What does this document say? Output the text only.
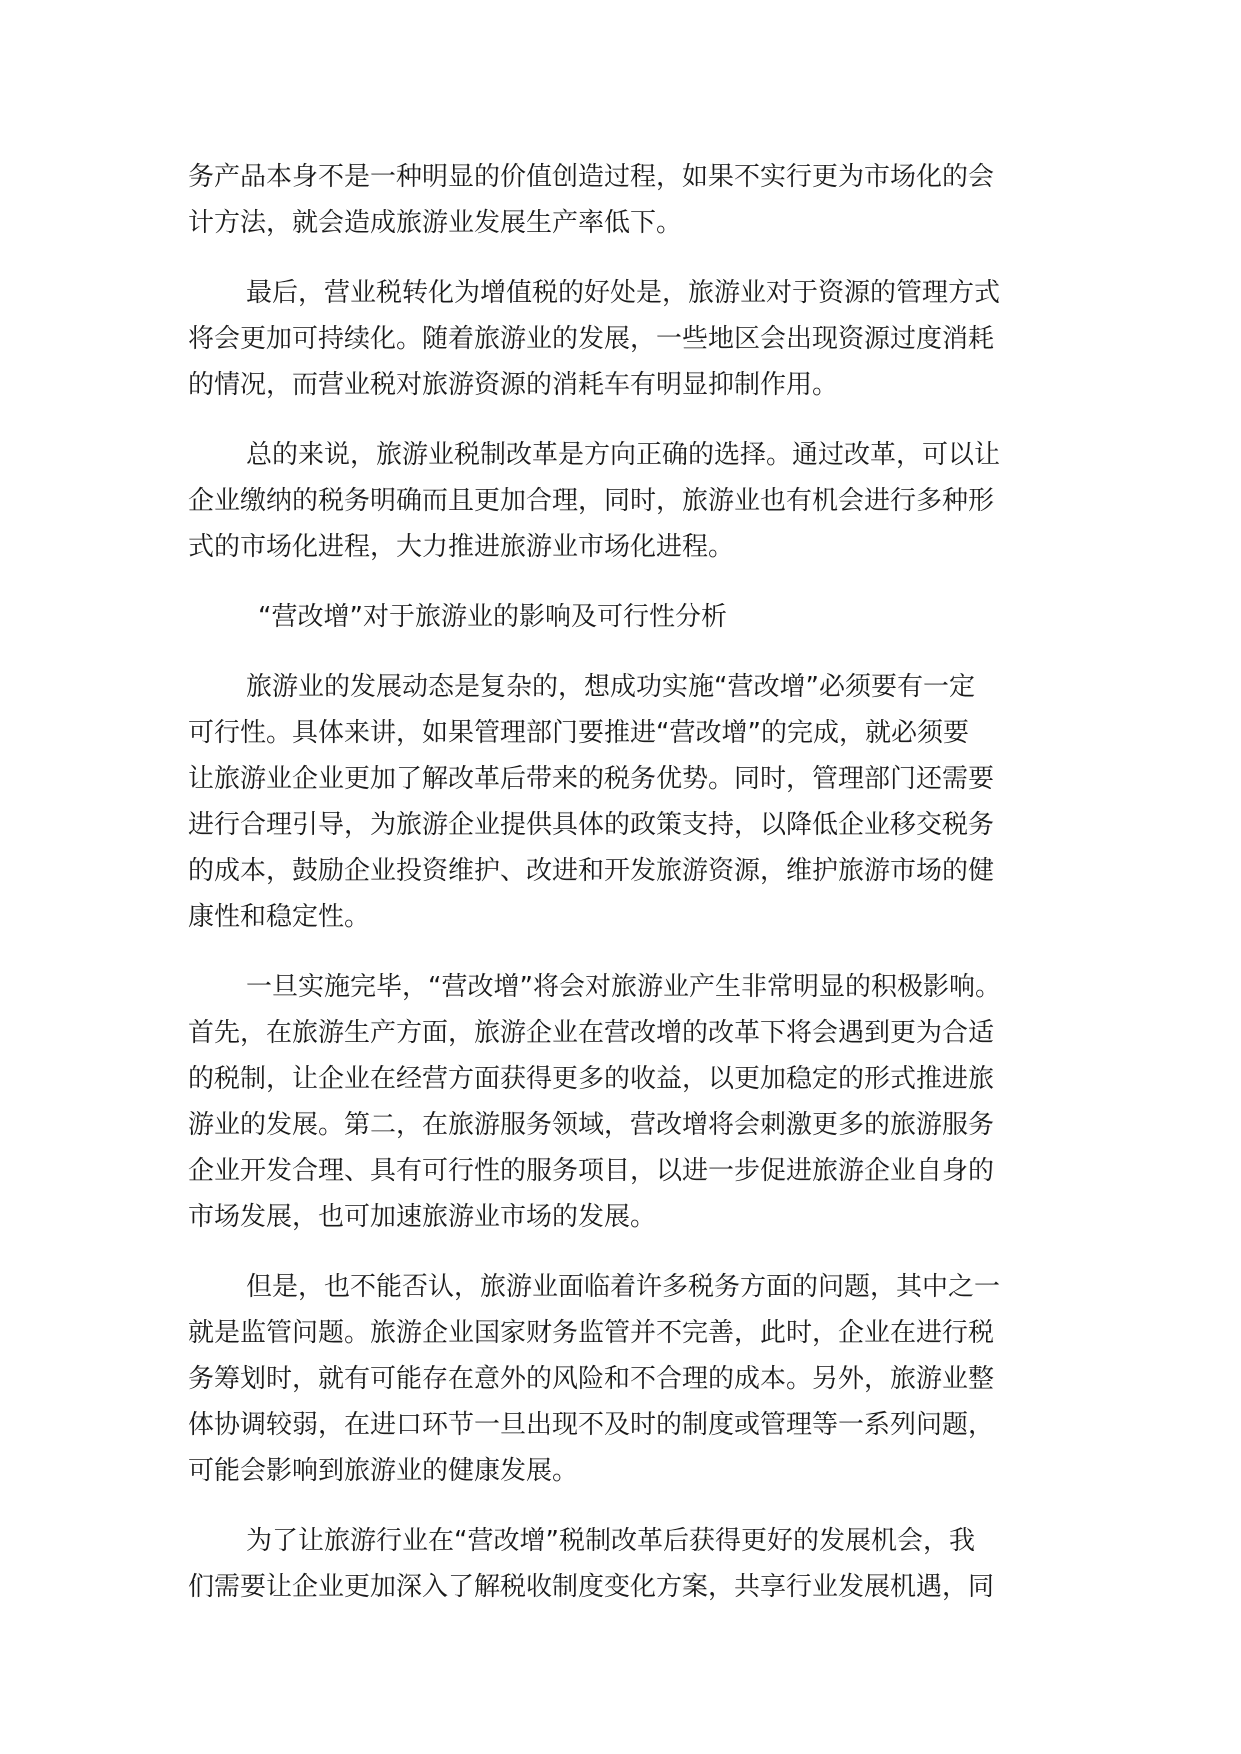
务产品本身不是一种明显的价值创造过程，如果不实行更为市场化的会
计方法，就会造成旅游业发展生产率低下。
最后，营业税转化为增值税的好处是，旅游业对于资源的管理方式
将会更加可持续化。随着旅游业的发展，一些地区会出现资源过度消耗
的情况，而营业税对旅游资源的消耗车有明显抑制作用。
总的来说，旅游业税制改革是方向正确的选择。通过改革，可以让
企业缴纳的税务明确而且更加合理，同时，旅游业也有机会进行多种形
式的市场化进程，大力推进旅游业市场化进程。
“营改增”对于旅游业的影响及可行性分析
旅游业的发展动态是复杂的，想成功实施“营改增”必须要有一定
可行性。具体来讲，如果管理部门要推进“营改增”的完成，就必须要
让旅游业企业更加了解改革后带来的税务优势。同时，管理部门还需要
进行合理引导，为旅游企业提供具体的政策支持，以降低企业移交税务
的成本，鼓励企业投资维护、改进和开发旅游资源，维护旅游市场的健
康性和稳定性。
一旦实施完毕，“营改增”将会对旅游业产生非常明显的积极影响。
首先，在旅游生产方面，旅游企业在营改增的改革下将会遇到更为合适
的税制，让企业在经营方面获得更多的收益，以更加稳定的形式推进旅
游业的发展。第二，在旅游服务领域，营改增将会刺激更多的旅游服务
企业开发合理、具有可行性的服务项目，以进一步促进旅游企业自身的
市场发展，也可加速旅游业市场的发展。
但是，也不能否认，旅游业面临着许多税务方面的问题，其中之一
就是监管问题。旅游企业国家财务监管并不完善，此时，企业在进行税
务筹划时，就有可能存在意外的风险和不合理的成本。另外，旅游业整
体协调较弱，在进口环节一旦出现不及时的制度或管理等一系列问题，
可能会影响到旅游业的健康发展。
为了让旅游行业在“营改增”税制改革后获得更好的发展机会，我
们需要让企业更加深入了解税收制度变化方案，共享行业发展机遇，同
